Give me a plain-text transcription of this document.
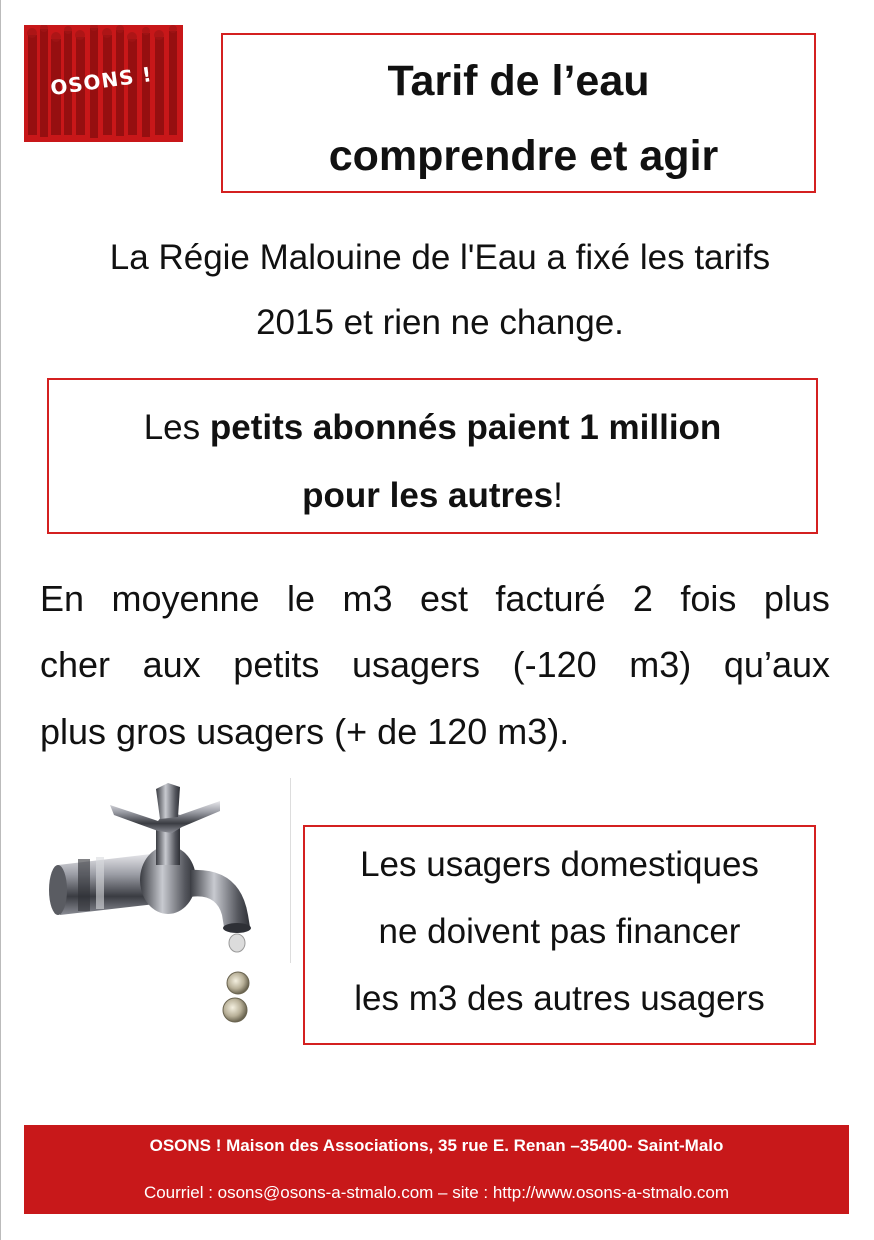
OSONS !	Tarif de l’eau
comprendre et agir
La Régie Malouine de l'Eau a fixé les tarifs
2015 et rien ne change.
Les petits abonnés paient 1 million
pour les autres!
En moyenne le m3 est facturé 2 fois plus
cher aux petits usagers (-120 m3) qu’aux
plus gros usagers (+ de 120 m3).
Les usagers domestiques
ne doivent pas financer
les m3 des autres usagers
OSONS ! Maison des Associations, 35 rue E. Renan –35400- Saint-Malo
Courriel : osons@osons-a-stmalo.com – site : http://www.osons-a-stmalo.com
